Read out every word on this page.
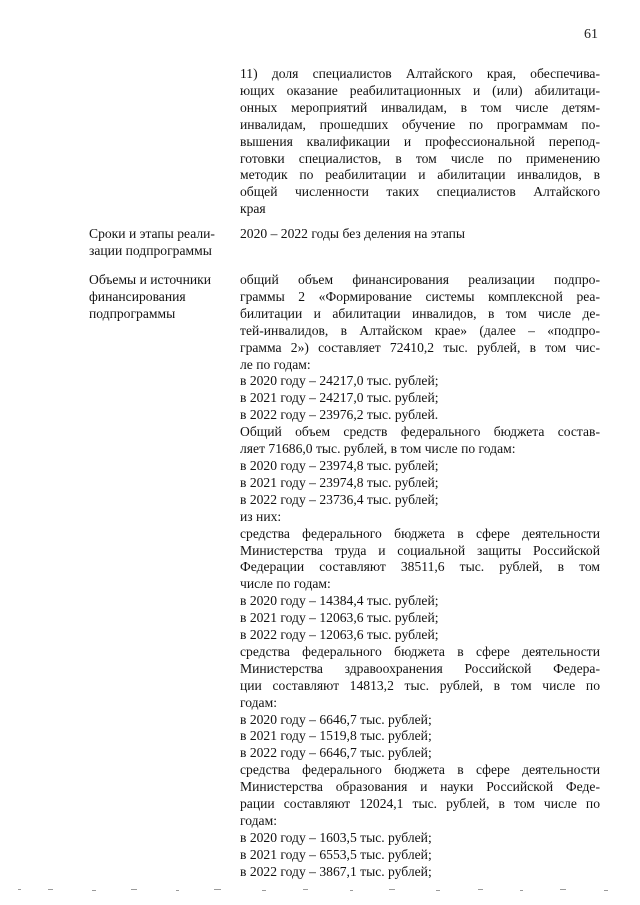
61
11) доля специалистов Алтайского края, обеспечива-
ющих оказание реабилитационных и (или) абилитаци-
онных мероприятий инвалидам, в том числе детям-
инвалидам, прошедших обучение по программам по-
вышения квалификации и профессиональной перепод-
готовки специалистов, в том числе по применению
методик по реабилитации и абилитации инвалидов, в
общей численности таких специалистов Алтайского
края
Сроки и этапы реали-
зации подпрограммы
2020 – 2022 годы без деления на этапы
Объемы и источники
финансирования
подпрограммы
общий объем финансирования реализации подпро-
граммы 2 «Формирование системы комплексной реа-
билитации и абилитации инвалидов, в том числе де-
тей-инвалидов, в Алтайском крае» (далее – «подпро-
грамма 2») составляет 72410,2 тыс. рублей, в том чис-
ле по годам:
в 2020 году – 24217,0 тыс. рублей;
в 2021 году – 24217,0 тыс. рублей;
в 2022 году – 23976,2 тыс. рублей.
Общий объем средств федерального бюджета состав-
ляет 71686,0 тыс. рублей, в том числе по годам:
в 2020 году – 23974,8 тыс. рублей;
в 2021 году – 23974,8 тыс. рублей;
в 2022 году – 23736,4 тыс. рублей;
из них:
средства федерального бюджета в сфере деятельности
Министерства труда и социальной защиты Российской
Федерации составляют 38511,6 тыс. рублей, в том
числе по годам:
в 2020 году – 14384,4 тыс. рублей;
в 2021 году – 12063,6 тыс. рублей;
в 2022 году – 12063,6 тыс. рублей;
средства федерального бюджета в сфере деятельности
Министерства здравоохранения Российской Федера-
ции составляют 14813,2 тыс. рублей, в том числе по
годам:
в 2020 году – 6646,7 тыс. рублей;
в 2021 году – 1519,8 тыс. рублей;
в 2022 году – 6646,7 тыс. рублей;
средства федерального бюджета в сфере деятельности
Министерства образования и науки Российской Феде-
рации составляют 12024,1 тыс. рублей, в том числе по
годам:
в 2020 году – 1603,5 тыс. рублей;
в 2021 году – 6553,5 тыс. рублей;
в 2022 году – 3867,1 тыс. рублей;
